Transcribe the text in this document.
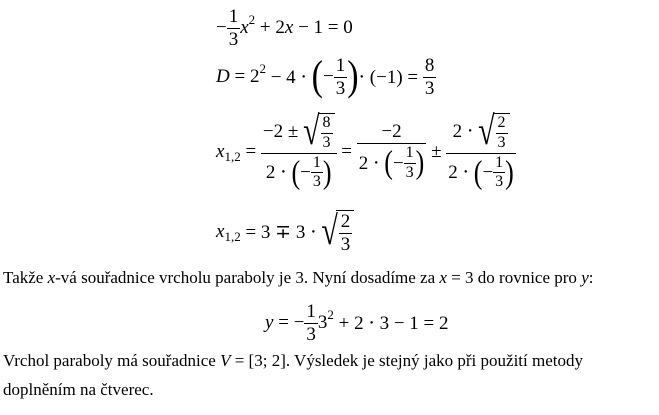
− $\frac{1}{3}$ x 2 + 2 x − 1 = 0
D = 2 2 − 4 ⋅ ( − $\frac{1}{3}$ ) ⋅ $(-1) = \frac{8}{3}$
x $1,2 = \frac{-2 \pm √ \frac{8}{3}}{2 \cdot ( - \frac{1}{3} )} = \frac{-2}{2 \cdot ( - \frac{1}{3} )} \pm \frac{2 \cdot √ \frac{2}{3}}{2 \cdot ( - \frac{1}{3} )}$
x 1,2 = 3 ∓ 3 ⋅ √ $\frac{2}{3}$
Takže x-vá souřadnice vrcholu paraboly je 3. Nyní dosadíme za x = 3 do rovnice pro y:
y = − $\frac{1}{3} 3$ 2 + 2 ⋅ 3 − 1 = 2
Vrchol paraboly má souřadnice V = [3; 2]. Výsledek je stejný jako při použití metody
doplněním na čtverec.
